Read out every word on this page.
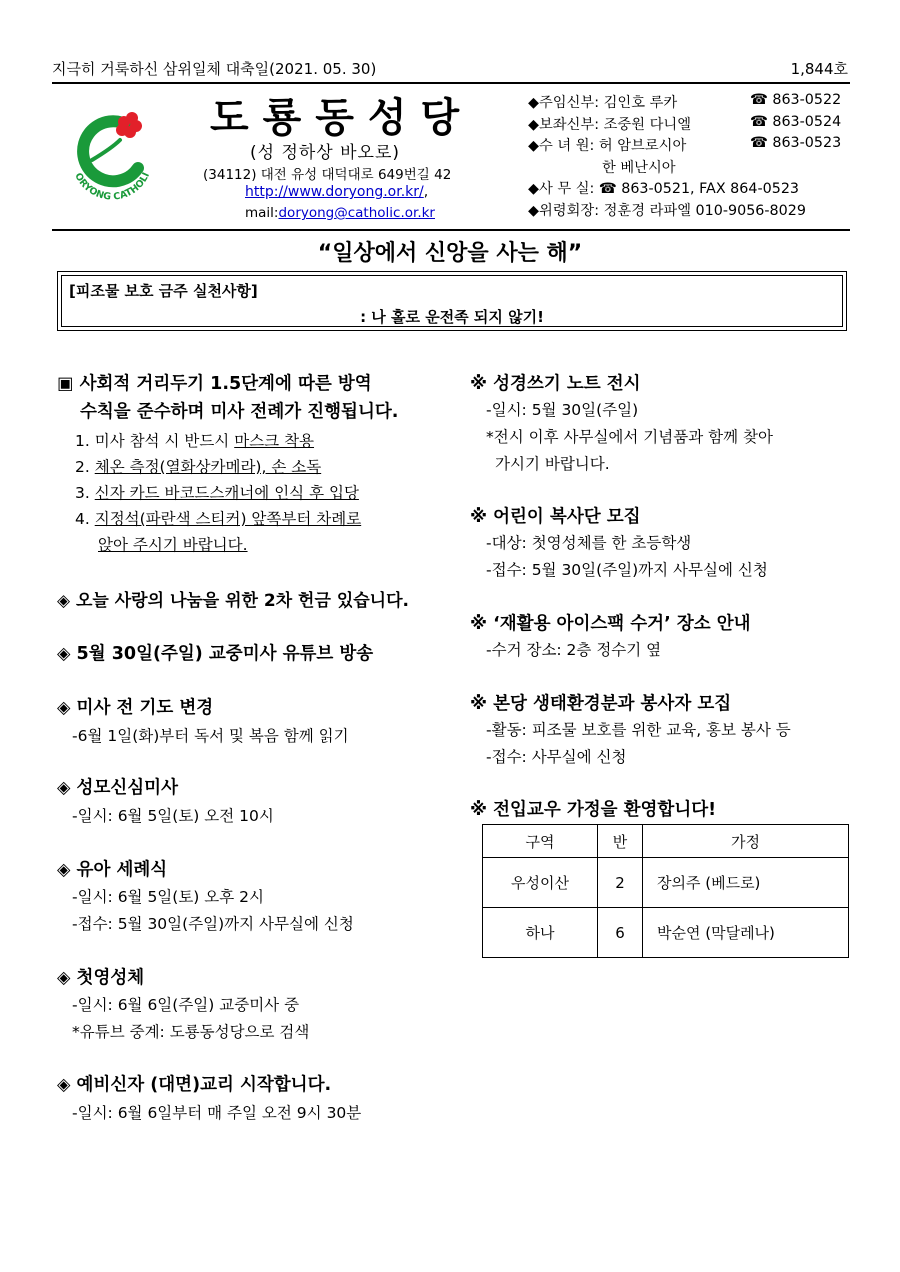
지극히 거룩하신 삼위일체 대축일(2021. 05. 30)	1,844호
ORYONG CATHOLI
도룡동성당
(성 정하상 바오로)
(34112) 대전 유성 대덕대로 649번길 42
http://www.doryong.or.kr/,
mail:doryong@catholic.or.kr
◆주임신부: 김인호 루카	☎ 863-0522
◆보좌신부: 조중원 다니엘	☎ 863-0524
◆수 녀 원: 허 암브로시아	☎ 863-0523
한 베난시아
◆사 무 실: ☎ 863-0521, FAX 864-0523
◆위령회장: 정훈경 라파엘 010-9056-8029
“일상에서 신앙을 사는 해”
[피조물 보호 금주 실천사항]
: 나 홀로 운전족 되지 않기!
▣ 사회적 거리두기 1.5단계에 따른 방역
수칙을 준수하며 미사 전례가 진행됩니다.
1. 미사 참석 시 반드시 마스크 착용
2. 체온 측정(열화상카메라), 손 소독
3. 신자 카드 바코드스캐너에 인식 후 입당
4. 지정석(파란색 스티커) 앞쪽부터 차례로
앉아 주시기 바랍니다.
◈ 오늘 사랑의 나눔을 위한 2차 헌금 있습니다.
◈ 5월 30일(주일) 교중미사 유튜브 방송
◈ 미사 전 기도 변경
-6월 1일(화)부터 독서 및 복음 함께 읽기
◈ 성모신심미사
-일시: 6월 5일(토) 오전 10시
◈ 유아 세례식
-일시: 6월 5일(토) 오후 2시
-접수: 5월 30일(주일)까지 사무실에 신청
◈ 첫영성체
-일시: 6월 6일(주일) 교중미사 중
*유튜브 중계: 도룡동성당으로 검색
◈ 예비신자 (대면)교리 시작합니다.
-일시: 6월 6일부터 매 주일 오전 9시 30분
※ 성경쓰기 노트 전시
-일시: 5월 30일(주일)
*전시 이후 사무실에서 기념품과 함께 찾아
가시기 바랍니다.
※ 어린이 복사단 모집
-대상: 첫영성체를 한 초등학생
-접수: 5월 30일(주일)까지 사무실에 신청
※ ‘재활용 아이스팩 수거’ 장소 안내
-수거 장소: 2층 정수기 옆
※ 본당 생태환경분과 봉사자 모집
-활동: 피조물 보호를 위한 교육, 홍보 봉사 등
-접수: 사무실에 신청
※ 전입교우 가정을 환영합니다!
구역	반	가정
우성이산	2	장의주 (베드로)
하나	6	박순연 (막달레나)
